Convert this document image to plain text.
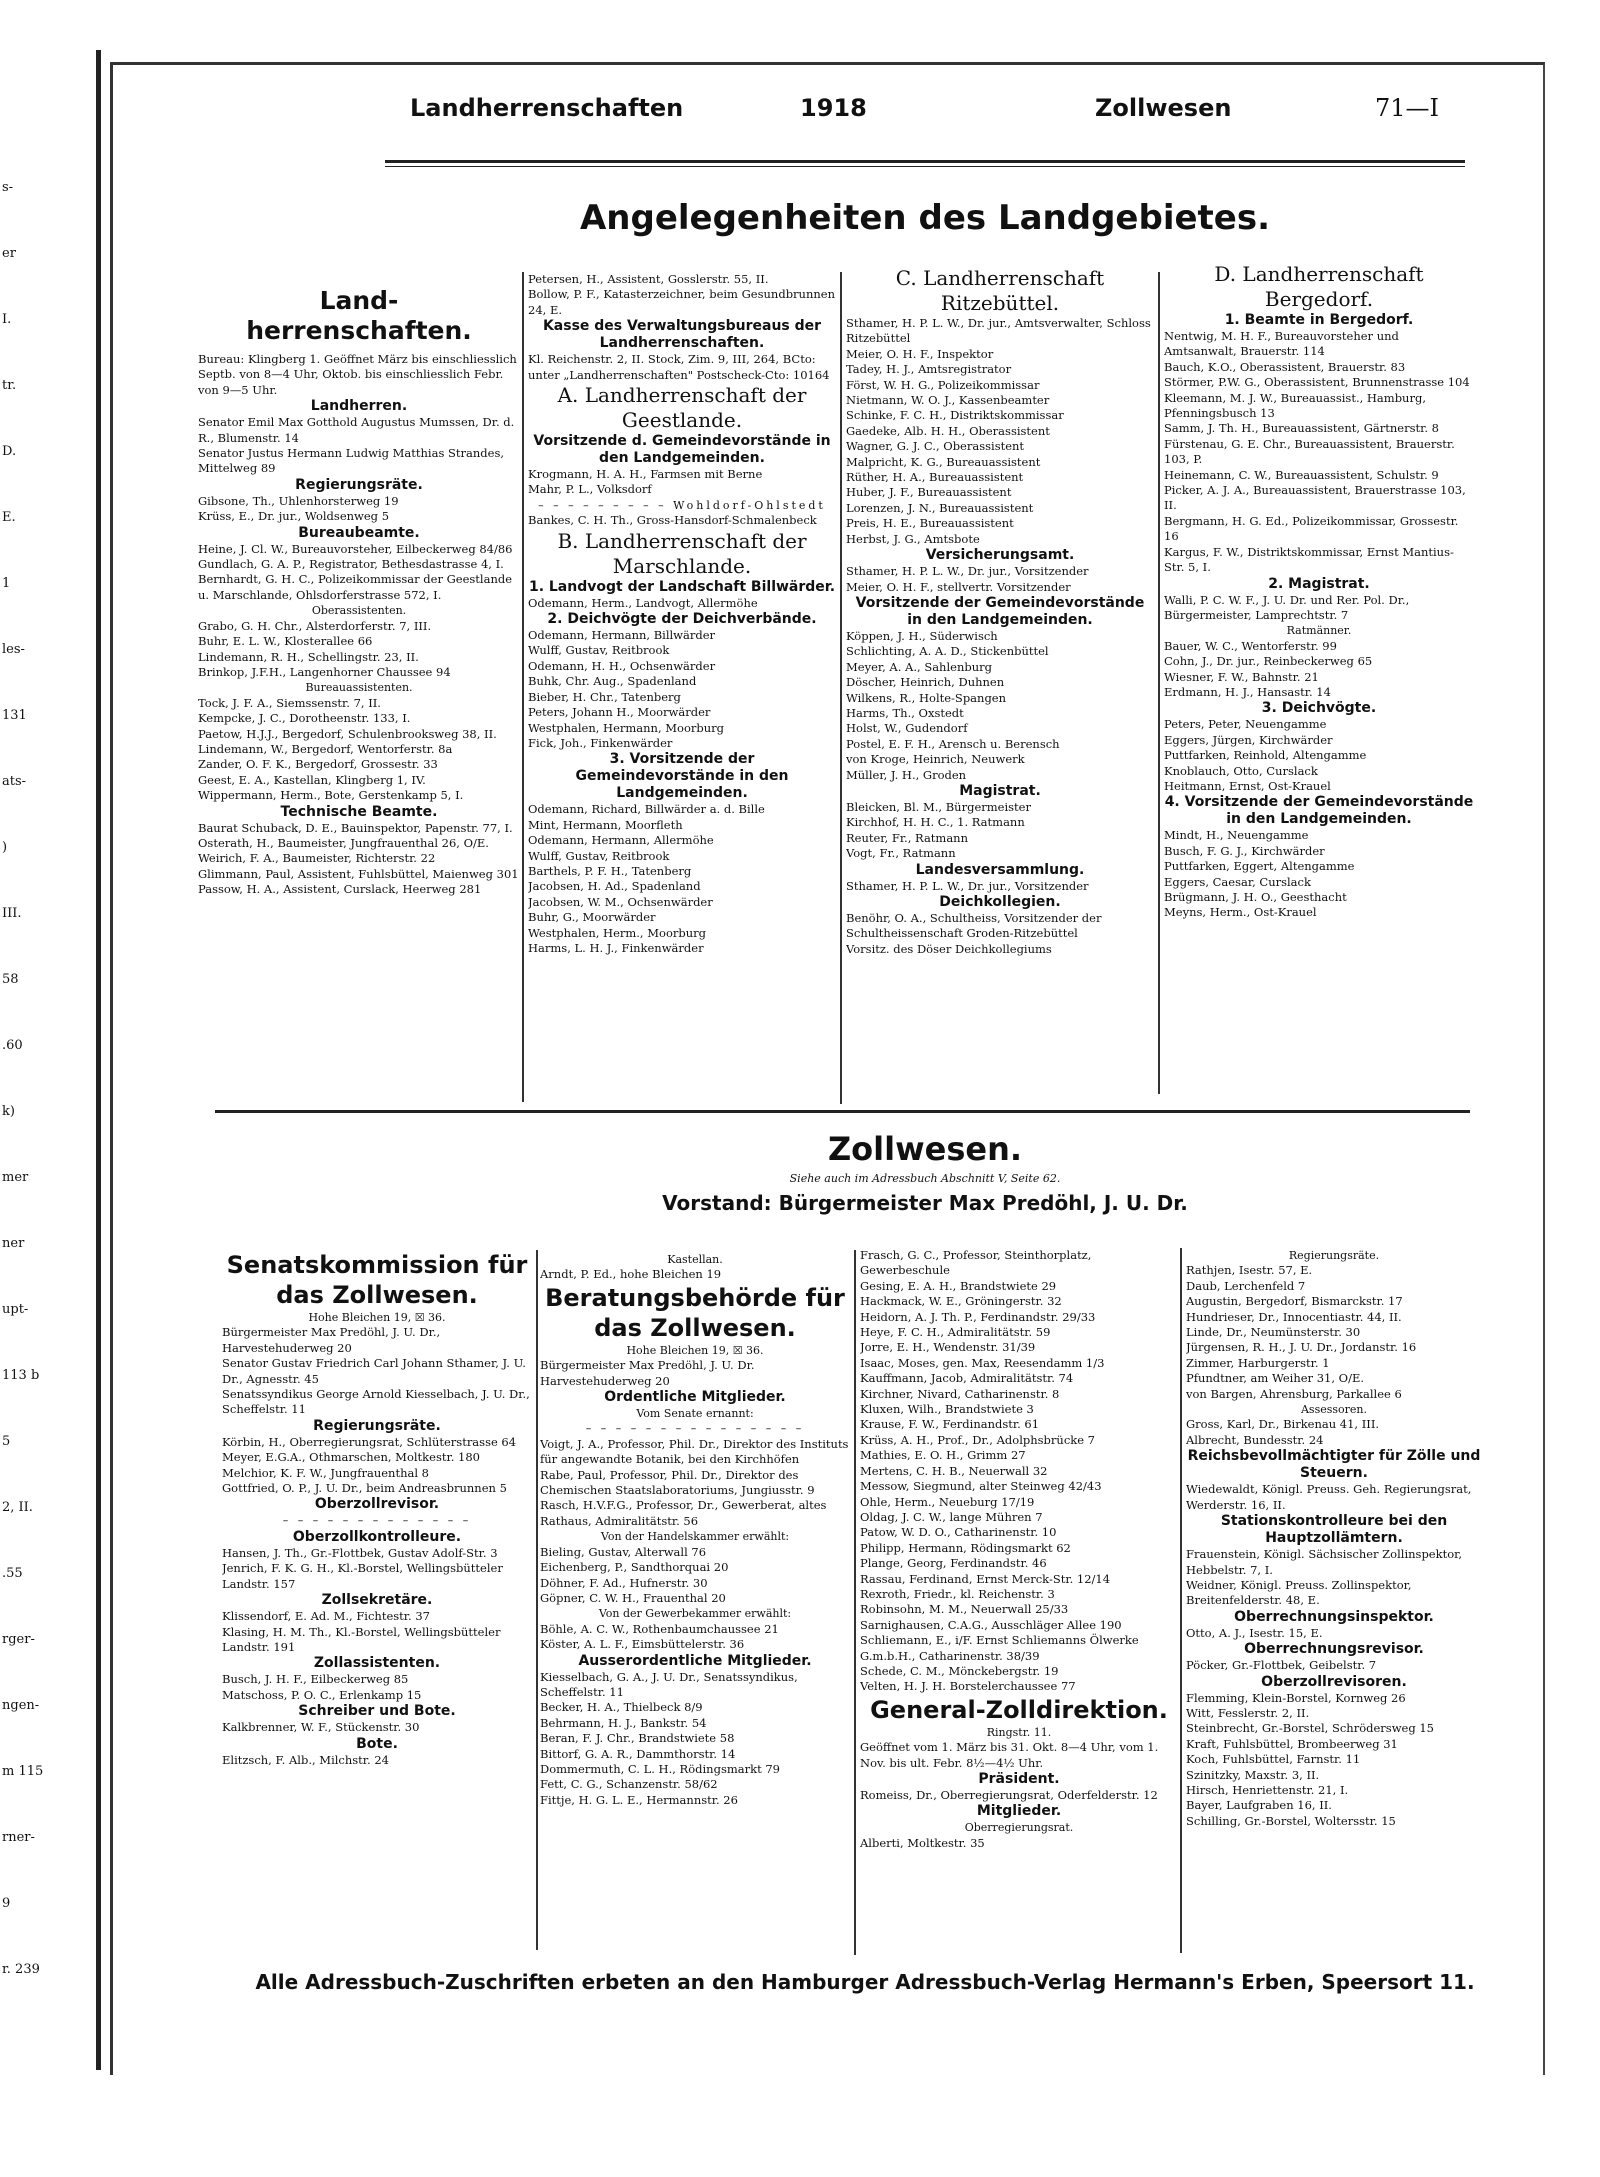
s-
er
I.
tr.
D.
E.
1
les-
131
ats-
)
III.
58
.60
k)
mer
ner
upt-
113 b
5
2, II.
.55
rger-
ngen-
m 115
rner-
9
r. 239
Landherrenschaften	1918	Zollwesen	71—I
Angelegenheiten des Landgebietes.
Land-
herrenschaften.

Bureau: Klingberg 1. Geöffnet März bis einschliesslich Septb. von 8—4 Uhr, Oktob. bis einschliesslich Febr. von 9—5 Uhr.

Landherren.

Senator Emil Max Gotthold Augustus Mumssen, Dr. d. R., Blumenstr. 14

Senator Justus Hermann Ludwig Matthias Strandes, Mittelweg 89

Regierungsräte.

Gibsone, Th., Uhlenhorsterweg 19

Krüss, E., Dr. jur., Woldsenweg 5

Bureaubeamte.

Heine, J. Cl. W., Bureauvorsteher, Eilbeckerweg 84/86

Gundlach, G. A. P., Registrator, Bethesdastrasse 4, I.

Bernhardt, G. H. C., Polizeikommissar der Geestlande u. Marschlande, Ohlsdorferstrasse 572, I.

Oberassistenten.

Grabo, G. H. Chr., Alsterdorferstr. 7, III.

Buhr, E. L. W., Klosterallee 66

Lindemann, R. H., Schellingstr. 23, II.

Brinkop, J.F.H., Langenhorner Chaussee 94

Bureauassistenten.

Tock, J. F. A., Siemssenstr. 7, II.

Kempcke, J. C., Dorotheenstr. 133, I.

Paetow, H.J.J., Bergedorf, Schulenbrooksweg 38, II.

Lindemann, W., Bergedorf, Wentorferstr. 8a

Zander, O. F. K., Bergedorf, Grossestr. 33

Geest, E. A., Kastellan, Klingberg 1, IV.

Wippermann, Herm., Bote, Gerstenkamp 5, I.

Technische Beamte.

Baurat Schuback, D. E., Bauinspektor, Papenstr. 77, I.

Osterath, H., Baumeister, Jungfrauenthal 26, O/E.

Weirich, F. A., Baumeister, Richterstr. 22

Glimmann, Paul, Assistent, Fuhlsbüttel, Maienweg 301

Passow, H. A., Assistent, Curslack, Heerweg 281

Petersen, H., Assistent, Gosslerstr. 55, II.

Bollow, P. F., Katasterzeichner, beim Gesundbrunnen 24, E.

Kasse des Verwaltungsbureaus der Landherrenschaften.

Kl. Reichenstr. 2, II. Stock, Zim. 9, III, 264, BCto: unter „Landherrenschaften" Postscheck-Cto: 10164

A. Landherrenschaft der Geestlande.

Vorsitzende d. Gemeindevorstände in den Landgemeinden.

Krogmann, H. A. H., Farmsen mit Berne

Mahr, P. L., Volksdorf

– – – – – – – – – Wohldorf-Ohlstedt

Bankes, C. H. Th., Gross-Hansdorf-Schmalenbeck

B. Landherrenschaft der Marschlande.

1. Landvogt der Landschaft Billwärder.

Odemann, Herm., Landvogt, Allermöhe

2. Deichvögte der Deichverbände.

Odemann, Hermann, Billwärder

Wulff, Gustav, Reitbrook

Odemann, H. H., Ochsenwärder

Buhk, Chr. Aug., Spadenland

Bieber, H. Chr., Tatenberg

Peters, Johann H., Moorwärder

Westphalen, Hermann, Moorburg

Fick, Joh., Finkenwärder

3. Vorsitzende der Gemeindevorstände in den Landgemeinden.

Odemann, Richard, Billwärder a. d. Bille

Mint, Hermann, Moorfleth

Odemann, Hermann, Allermöhe

Wulff, Gustav, Reitbrook

Barthels, P. F. H., Tatenberg

Jacobsen, H. Ad., Spadenland

Jacobsen, W. M., Ochsenwärder

Buhr, G., Moorwärder

Westphalen, Herm., Moorburg

Harms, L. H. J., Finkenwärder

C. Landherrenschaft Ritzebüttel.

Sthamer, H. P. L. W., Dr. jur., Amtsverwalter, Schloss Ritzebüttel

Meier, O. H. F., Inspektor

Tadey, H. J., Amtsregistrator

Först, W. H. G., Polizeikommissar

Nietmann, W. O. J., Kassenbeamter

Schinke, F. C. H., Distriktskommissar

Gaedeke, Alb. H. H., Oberassistent

Wagner, G. J. C., Oberassistent

Malpricht, K. G., Bureauassistent

Rüther, H. A., Bureauassistent

Huber, J. F., Bureauassistent

Lorenzen, J. N., Bureauassistent

Preis, H. E., Bureauassistent

Herbst, J. G., Amtsbote

Versicherungsamt.

Sthamer, H. P. L. W., Dr. jur., Vorsitzender

Meier, O. H. F., stellvertr. Vorsitzender

Vorsitzende der Gemeindevorstände in den Landgemeinden.

Köppen, J. H., Süderwisch

Schlichting, A. A. D., Stickenbüttel

Meyer, A. A., Sahlenburg

Döscher, Heinrich, Duhnen

Wilkens, R., Holte-Spangen

Harms, Th., Oxstedt

Holst, W., Gudendorf

Postel, E. F. H., Arensch u. Berensch

von Kroge, Heinrich, Neuwerk

Müller, J. H., Groden

Magistrat.

Bleicken, Bl. M., Bürgermeister

Kirchhof, H. H. C., 1. Ratmann

Reuter, Fr., Ratmann

Vogt, Fr., Ratmann

Landesversammlung.

Sthamer, H. P. L. W., Dr. jur., Vorsitzender

Deichkollegien.

Benöhr, O. A., Schultheiss, Vorsitzender der Schultheissenschaft Groden-Ritzebüttel

Vorsitz. des Döser Deichkollegiums

D. Landherrenschaft Bergedorf.

1. Beamte in Bergedorf.

Nentwig, M. H. F., Bureauvorsteher und Amtsanwalt, Brauerstr. 114

Bauch, K.O., Oberassistent, Brauerstr. 83

Störmer, P.W. G., Oberassistent, Brunnenstrasse 104

Kleemann, M. J. W., Bureauassist., Hamburg, Pfenningsbusch 13

Samm, J. Th. H., Bureauassistent, Gärtnerstr. 8

Fürstenau, G. E. Chr., Bureauassistent, Brauerstr. 103, P.

Heinemann, C. W., Bureauassistent, Schulstr. 9

Picker, A. J. A., Bureauassistent, Brauerstrasse 103, II.

Bergmann, H. G. Ed., Polizeikommissar, Grossestr. 16

Kargus, F. W., Distriktskommissar, Ernst Mantius-Str. 5, I.

2. Magistrat.

Walli, P. C. W. F., J. U. Dr. und Rer. Pol. Dr., Bürgermeister, Lamprechtstr. 7

Ratmänner.

Bauer, W. C., Wentorferstr. 99

Cohn, J., Dr. jur., Reinbeckerweg 65

Wiesner, F. W., Bahnstr. 21

Erdmann, H. J., Hansastr. 14

3. Deichvögte.

Peters, Peter, Neuengamme

Eggers, Jürgen, Kirchwärder

Puttfarken, Reinhold, Altengamme

Knoblauch, Otto, Curslack

Heitmann, Ernst, Ost-Krauel

4. Vorsitzende der Gemeindevorstände in den Landgemeinden.

Mindt, H., Neuengamme

Busch, F. G. J., Kirchwärder

Puttfarken, Eggert, Altengamme

Eggers, Caesar, Curslack

Brügmann, J. H. O., Geesthacht

Meyns, Herm., Ost-Krauel

Zollwesen.
Siehe auch im Adressbuch Abschnitt V, Seite 62.
Vorstand: Bürgermeister Max Predöhl, J. U. Dr.

Senatskommission für das Zollwesen.

Hohe Bleichen 19, ☒ 36.

Bürgermeister Max Predöhl, J. U. Dr., Harvestehuderweg 20

Senator Gustav Friedrich Carl Johann Sthamer, J. U. Dr., Agnesstr. 45

Senatssyndikus George Arnold Kiesselbach, J. U. Dr., Scheffelstr. 11

Regierungsräte.

Körbin, H., Oberregierungsrat, Schlüterstrasse 64

Meyer, E.G.A., Othmarschen, Moltkestr. 180

Melchior, K. F. W., Jungfrauenthal 8

Gottfried, O. P., J. U. Dr., beim Andreasbrunnen 5

Oberzollrevisor.

– – – – – – – – – – – – –

Oberzollkontrolleure.

Hansen, J. Th., Gr.-Flottbek, Gustav Adolf-Str. 3

Jenrich, F. K. G. H., Kl.-Borstel, Wellingsbütteler Landstr. 157

Zollsekretäre.

Klissendorf, E. Ad. M., Fichtestr. 37

Klasing, H. M. Th., Kl.-Borstel, Wellingsbütteler Landstr. 191

Zollassistenten.

Busch, J. H. F., Eilbeckerweg 85

Matschoss, P. O. C., Erlenkamp 15

Schreiber und Bote.

Kalkbrenner, W. F., Stückenstr. 30

Bote.

Elitzsch, F. Alb., Milchstr. 24

Kastellan.

Arndt, P. Ed., hohe Bleichen 19

Beratungsbehörde für das Zollwesen.

Hohe Bleichen 19, ☒ 36.

Bürgermeister Max Predöhl, J. U. Dr. Harvestehuderweg 20

Ordentliche Mitglieder.

Vom Senate ernannt:

– – – – – – – – – – – – – – –

Voigt, J. A., Professor, Phil. Dr., Direktor des Instituts für angewandte Botanik, bei den Kirchhöfen

Rabe, Paul, Professor, Phil. Dr., Direktor des Chemischen Staatslaboratoriums, Jungiusstr. 9

Rasch, H.V.F.G., Professor, Dr., Gewerberat, altes Rathaus, Admiralitätstr. 56

Von der Handelskammer erwählt:

Bieling, Gustav, Alterwall 76

Eichenberg, P., Sandthorquai 20

Döhner, F. Ad., Hufnerstr. 30

Göpner, C. W. H., Frauenthal 20

Von der Gewerbekammer erwählt:

Böhle, A. C. W., Rothenbaumchaussee 21

Köster, A. L. F., Eimsbüttelerstr. 36

Ausserordentliche Mitglieder.

Kiesselbach, G. A., J. U. Dr., Senatssyndikus, Scheffelstr. 11

Becker, H. A., Thielbeck 8/9

Behrmann, H. J., Bankstr. 54

Beran, F. J. Chr., Brandstwiete 58

Bittorf, G. A. R., Dammthorstr. 14

Dommermuth, C. L. H., Rödingsmarkt 79

Fett, C. G., Schanzenstr. 58/62

Fittje, H. G. L. E., Hermannstr. 26

Frasch, G. C., Professor, Steinthorplatz, Gewerbeschule

Gesing, E. A. H., Brandstwiete 29

Hackmack, W. E., Gröningerstr. 32

Heidorn, A. J. Th. P., Ferdinandstr. 29/33

Heye, F. C. H., Admiralitätstr. 59

Jorre, E. H., Wendenstr. 31/39

Isaac, Moses, gen. Max, Reesendamm 1/3

Kauffmann, Jacob, Admiralitätstr. 74

Kirchner, Nivard, Catharinenstr. 8

Kluxen, Wilh., Brandstwiete 3

Krause, F. W., Ferdinandstr. 61

Krüss, A. H., Prof., Dr., Adolphsbrücke 7

Mathies, E. O. H., Grimm 27

Mertens, C. H. B., Neuerwall 32

Messow, Siegmund, alter Steinweg 42/43

Ohle, Herm., Neueburg 17/19

Oldag, J. C. W., lange Mühren 7

Patow, W. D. O., Catharinenstr. 10

Philipp, Hermann, Rödingsmarkt 62

Plange, Georg, Ferdinandstr. 46

Rassau, Ferdinand, Ernst Merck-Str. 12/14

Rexroth, Friedr., kl. Reichenstr. 3

Robinsohn, M. M., Neuerwall 25/33

Sarnighausen, C.A.G., Ausschläger Allee 190

Schliemann, E., i/F. Ernst Schliemanns Ölwerke G.m.b.H., Catharinenstr. 38/39

Schede, C. M., Mönckebergstr. 19

Velten, H. J. H. Borstelerchaussee 77

General-Zolldirektion.

Ringstr. 11.

Geöffnet vom 1. März bis 31. Okt. 8—4 Uhr, vom 1. Nov. bis ult. Febr. 8½—4½ Uhr.

Präsident.

Romeiss, Dr., Oberregierungsrat, Oderfelderstr. 12

Mitglieder.

Oberregierungsrat.

Alberti, Moltkestr. 35

Regierungsräte.

Rathjen, Isestr. 57, E.

Daub, Lerchenfeld 7

Augustin, Bergedorf, Bismarckstr. 17

Hundrieser, Dr., Innocentiastr. 44, II.

Linde, Dr., Neumünsterstr. 30

Jürgensen, R. H., J. U. Dr., Jordanstr. 16

Zimmer, Harburgerstr. 1

Pfundtner, am Weiher 31, O/E.

von Bargen, Ahrensburg, Parkallee 6

Assessoren.

Gross, Karl, Dr., Birkenau 41, III.

Albrecht, Bundesstr. 24

Reichsbevollmächtigter für Zölle und Steuern.

Wiedewaldt, Königl. Preuss. Geh. Regierungsrat, Werderstr. 16, II.

Stationskontrolleure bei den Hauptzollämtern.

Frauenstein, Königl. Sächsischer Zollinspektor, Hebbelstr. 7, I.

Weidner, Königl. Preuss. Zollinspektor, Breitenfelderstr. 48, E.

Oberrechnungsinspektor.

Otto, A. J., Isestr. 15, E.

Oberrechnungsrevisor.

Pöcker, Gr.-Flottbek, Geibelstr. 7

Oberzollrevisoren.

Flemming, Klein-Borstel, Kornweg 26

Witt, Fesslerstr. 2, II.

Steinbrecht, Gr.-Borstel, Schrödersweg 15

Kraft, Fuhlsbüttel, Brombeerweg 31

Koch, Fuhlsbüttel, Farnstr. 11

Szinitzky, Maxstr. 3, II.

Hirsch, Henriettenstr. 21, I.

Bayer, Laufgraben 16, II.

Schilling, Gr.-Borstel, Woltersstr. 15

Alle Adressbuch-Zuschriften erbeten an den Hamburger Adressbuch-Verlag Hermann's Erben, Speersort 11.
